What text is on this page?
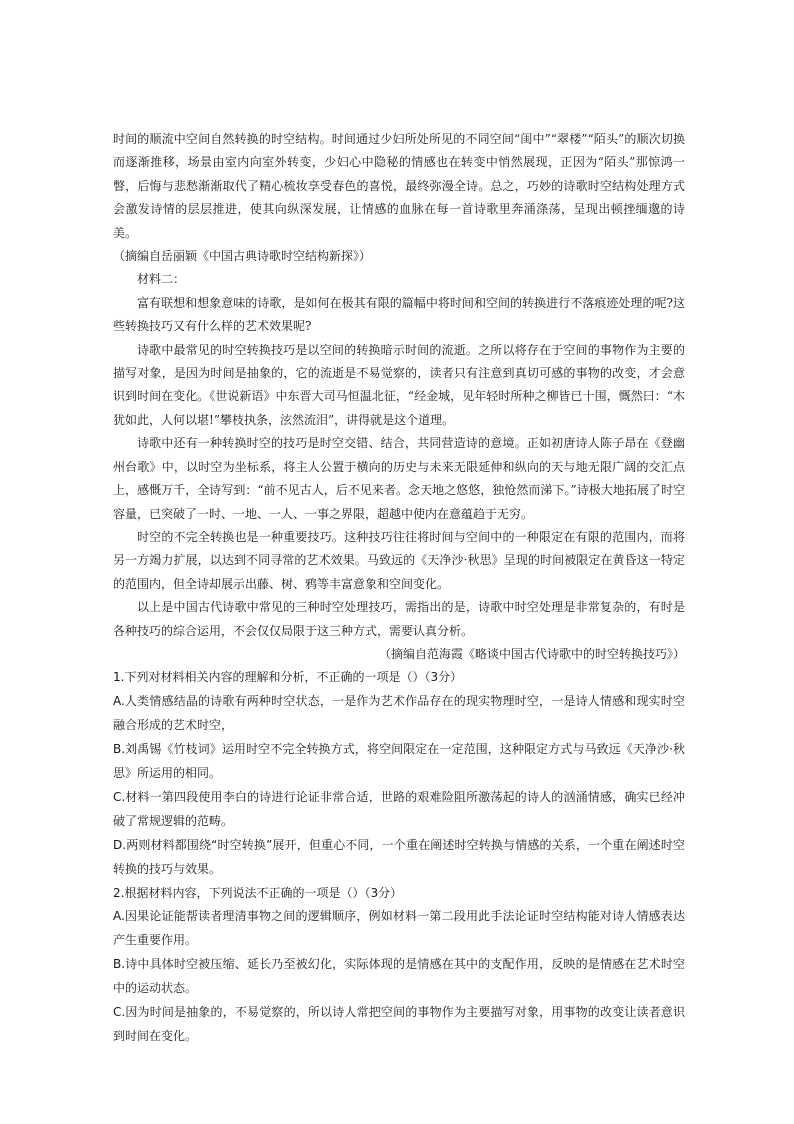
时间的顺流中空间自然转换的时空结构。时间通过少妇所处所见的不同空间“闺中”“翠楼”“陌头”的顺次切换而逐渐推移，场景由室内向室外转变，少妇心中隐秘的情感也在转变中悄然展现，正因为“陌头”那惊鸿一瞥，后悔与悲愁渐渐取代了精心梳妆享受春色的喜悦，最终弥漫全诗。总之，巧妙的诗歌时空结构处理方式会激发诗情的层层推进，使其向纵深发展，让情感的血脉在每一首诗歌里奔涌涤荡，呈现出顿挫缅邈的诗美。

（摘编自岳丽颖《中国古典诗歌时空结构新探》）

材料二：

富有联想和想象意味的诗歌，是如何在极其有限的篇幅中将时间和空间的转换进行不落痕迹处理的呢?这些转换技巧又有什么样的艺术效果呢?

诗歌中最常见的时空转换技巧是以空间的转换暗示时间的流逝。之所以将存在于空间的事物作为主要的描写对象，是因为时间是抽象的，它的流逝是不易觉察的，读者只有注意到真切可感的事物的改变，才会意识到时间在变化。《世说新语》中东晋大司马恒温北征，“经金城，见年轻时所种之柳皆已十围，慨然曰：“木犹如此，人何以堪!”攀枝执条，泫然流泪”，讲得就是这个道理。

诗歌中还有一种转换时空的技巧是时空交错、结合，共同营造诗的意境。正如初唐诗人陈子昂在《登幽州台歌》中，以时空为坐标系，将主人公置于横向的历史与未来无限延伸和纵向的天与地无限广阔的交汇点上，感慨万千，全诗写到：“前不见古人，后不见来者。念天地之悠悠，独怆然而涕下。”诗极大地拓展了时空容量，已突破了一时、一地、一人、一事之界限，超越中使内在意蕴趋于无穷。

时空的不完全转换也是一种重要技巧。这种技巧往往将时间与空间中的一种限定在有限的范围内，而将另一方竭力扩展，以达到不同寻常的艺术效果。马致远的《天净沙·秋思》呈现的时间被限定在黄昏这一特定的范围内，但全诗却展示出藤、树、鸦等丰富意象和空间变化。

以上是中国古代诗歌中常见的三种时空处理技巧，需指出的是，诗歌中时空处理是非常复杂的，有时是各种技巧的综合运用，不会仅仅局限于这三种方式，需要认真分析。

（摘编自范海霞《略谈中国古代诗歌中的时空转换技巧》）

1.下列对材料相关内容的理解和分析，不正确的一项是（）（3分）

A.人类情感结晶的诗歌有两种时空状态，一是作为艺术作品存在的现实物理时空，一是诗人情感和现实时空融合形成的艺术时空，

B.刘禹锡《竹枝词》运用时空不完全转换方式，将空间限定在一定范围，这种限定方式与马致远《天净沙·秋思》所运用的相同。

C.材料一第四段使用李白的诗进行论证非常合适，世路的艰难险阻所激荡起的诗人的汹涌情感，确实已经冲破了常规逻辑的范畴。

D.两则材料都围绕“时空转换”展开，但重心不同，一个重在阐述时空转换与情感的关系，一个重在阐述时空转换的技巧与效果。

2.根据材料内容，下列说法不正确的一项是（）（3分）

A.因果论证能帮读者理清事物之间的逻辑顺序，例如材料一第二段用此手法论证时空结构能对诗人情感表达产生重要作用。

B.诗中具体时空被压缩、延长乃至被幻化，实际体现的是情感在其中的支配作用，反映的是情感在艺术时空中的运动状态。

C.因为时间是抽象的，不易觉察的，所以诗人常把空间的事物作为主要描写对象，用事物的改变让读者意识到时间在变化。
